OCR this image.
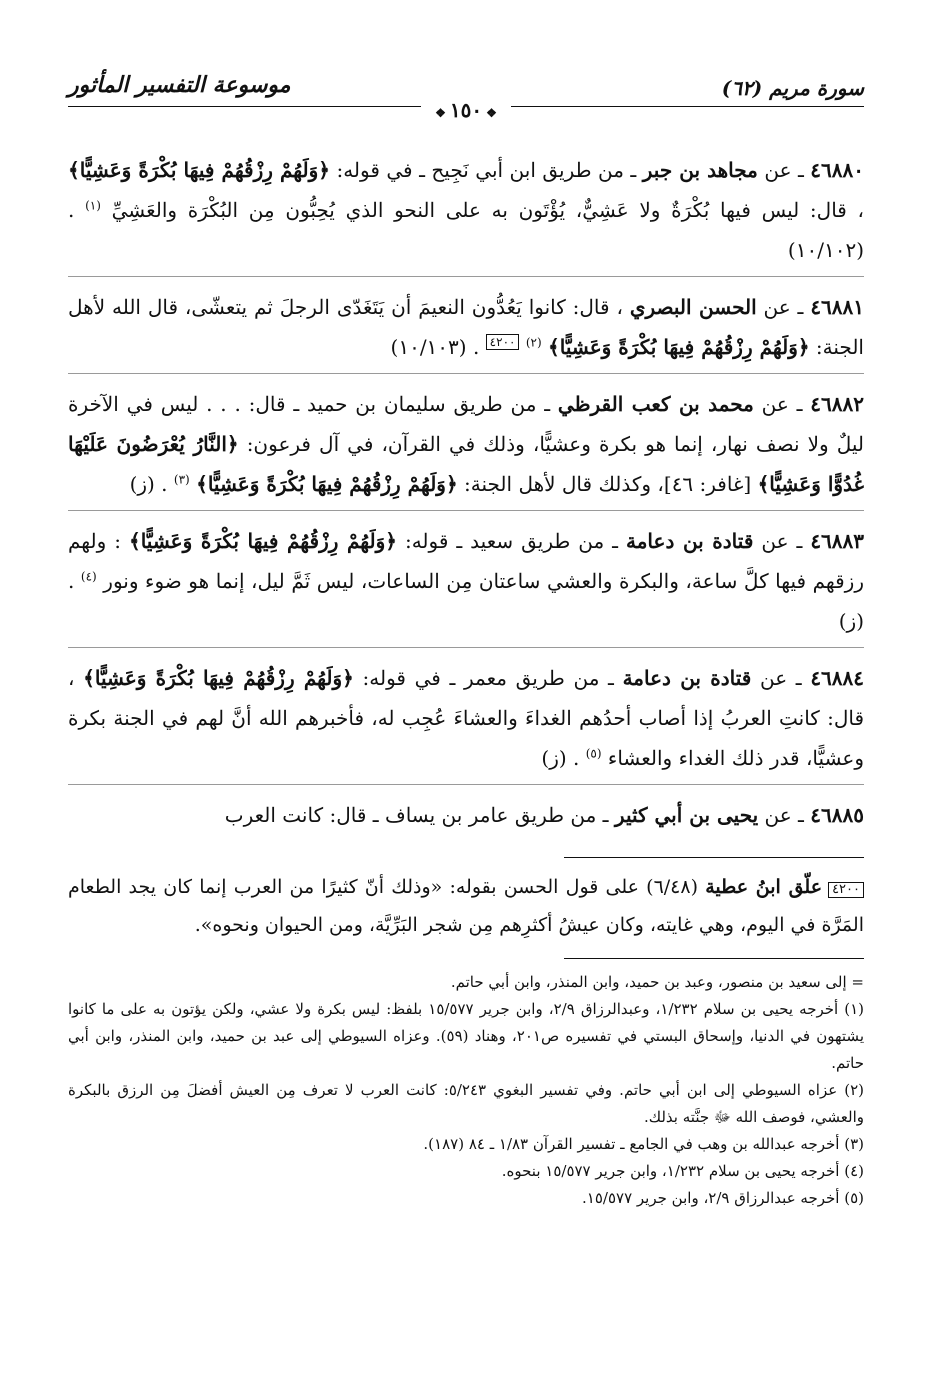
سورة مريم (٦٢)
موسوعة التفسير المأثور
❖١٥٠❖
٤٦٨٨٠ ـ عن مجاهد بن جبر ـ من طريق ابن أبي نَجِيح ـ في قوله: ﴿وَلَهُمْ رِزْقُهُمْ فِيهَا بُكْرَةً وَعَشِيًّا﴾ ، قال: ليس فيها بُكْرَةٌ ولا عَشِيٌّ، يُؤْتَون به على النحو الذي يُحِبُّون مِن البُكْرَة والعَشِيِّ $^{(١)}$ . (١٠/١٠٢)
٤٦٨٨١ ـ عن الحسن البصري ، قال: كانوا يَعُدُّون النعيمَ أن يَتَغَدّى الرجلَ ثم يتعشّى، قال الله لأهل الجنة: ﴿وَلَهُمْ رِزْقُهُمْ فِيهَا بُكْرَةً وَعَشِيًّا﴾ $^{(٢)}$ ٤٢٠٠ . (١٠/١٠٣)
٤٦٨٨٢ ـ عن محمد بن كعب القرظي ـ من طريق سليمان بن حميد ـ قال: . . . ليس في الآخرة ليلٌ ولا نصف نهار، إنما هو بكرة وعشيًّا، وذلك في القرآن، في آل فرعون: ﴿النَّارُ يُعْرَضُونَ عَلَيْهَا غُدُوًّا وَعَشِيًّا﴾ [غافر: ٤٦]، وكذلك قال لأهل الجنة: ﴿وَلَهُمْ رِزْقُهُمْ فِيهَا بُكْرَةً وَعَشِيًّا﴾ $^{(٣)}$ . (ز)
٤٦٨٨٣ ـ عن قتادة بن دعامة ـ من طريق سعيد ـ قوله: ﴿وَلَهُمْ رِزْقُهُمْ فِيهَا بُكْرَةً وَعَشِيًّا﴾ : ولهم رزقهم فيها كلَّ ساعة، والبكرة والعشي ساعتان مِن الساعات، ليس ثَمَّ ليل، إنما هو ضوء ونور $^{(٤)}$ . (ز)
٤٦٨٨٤ ـ عن قتادة بن دعامة ـ من طريق معمر ـ في قوله: ﴿وَلَهُمْ رِزْقُهُمْ فِيهَا بُكْرَةً وَعَشِيًّا﴾ ، قال: كانتِ العربُ إذا أصاب أحدُهم الغداءَ والعشاءَ عُجِب له، فأخبرهم الله أنَّ لهم في الجنة بكرة وعشيًّا، قدر ذلك الغداء والعشاء $^{(٥)}$ . (ز)
٤٦٨٨٥ ـ عن يحيى بن أبي كثير ـ من طريق عامر بن يساف ـ قال: كانت العرب
٤٢٠٠علّق ابنُ عطية (٦/٤٨) على قول الحسن بقوله: «وذلك أنّ كثيرًا من العرب إنما كان يجد الطعام المَرَّة في اليوم، وهي غايته، وكان عيشُ أكثرِهم مِن شجر البَرِّيَّة، ومن الحيوان ونحوه».

= إلى سعيد بن منصور، وعبد بن حميد، وابن المنذر، وابن أبي حاتم.

(١) أخرجه يحيى بن سلام ١/٢٣٢، وعبدالرزاق ٢/٩، وابن جرير ١٥/٥٧٧ بلفظ: ليس بكرة ولا عشي، ولكن يؤتون به على ما كانوا يشتهون في الدنيا، وإسحاق البستي في تفسيره ص٢٠١، وهناد (٥٩). وعزاه السيوطي إلى عبد بن حميد، وابن المنذر، وابن أبي حاتم.

(٢) عزاه السيوطي إلى ابن أبي حاتم. وفي تفسير البغوي ٥/٢٤٣: كانت العرب لا تعرف مِن العيش أفضلَ مِن الرزق بالبكرة والعشي، فوصف الله ﷻ جنَّته بذلك.

(٣) أخرجه عبدالله بن وهب في الجامع ـ تفسير القرآن ١/٨٣ ـ ٨٤ (١٨٧).

(٤) أخرجه يحيى بن سلام ١/٢٣٢، وابن جرير ١٥/٥٧٧ بنحوه.

(٥) أخرجه عبدالرزاق ٢/٩، وابن جرير ١٥/٥٧٧.
